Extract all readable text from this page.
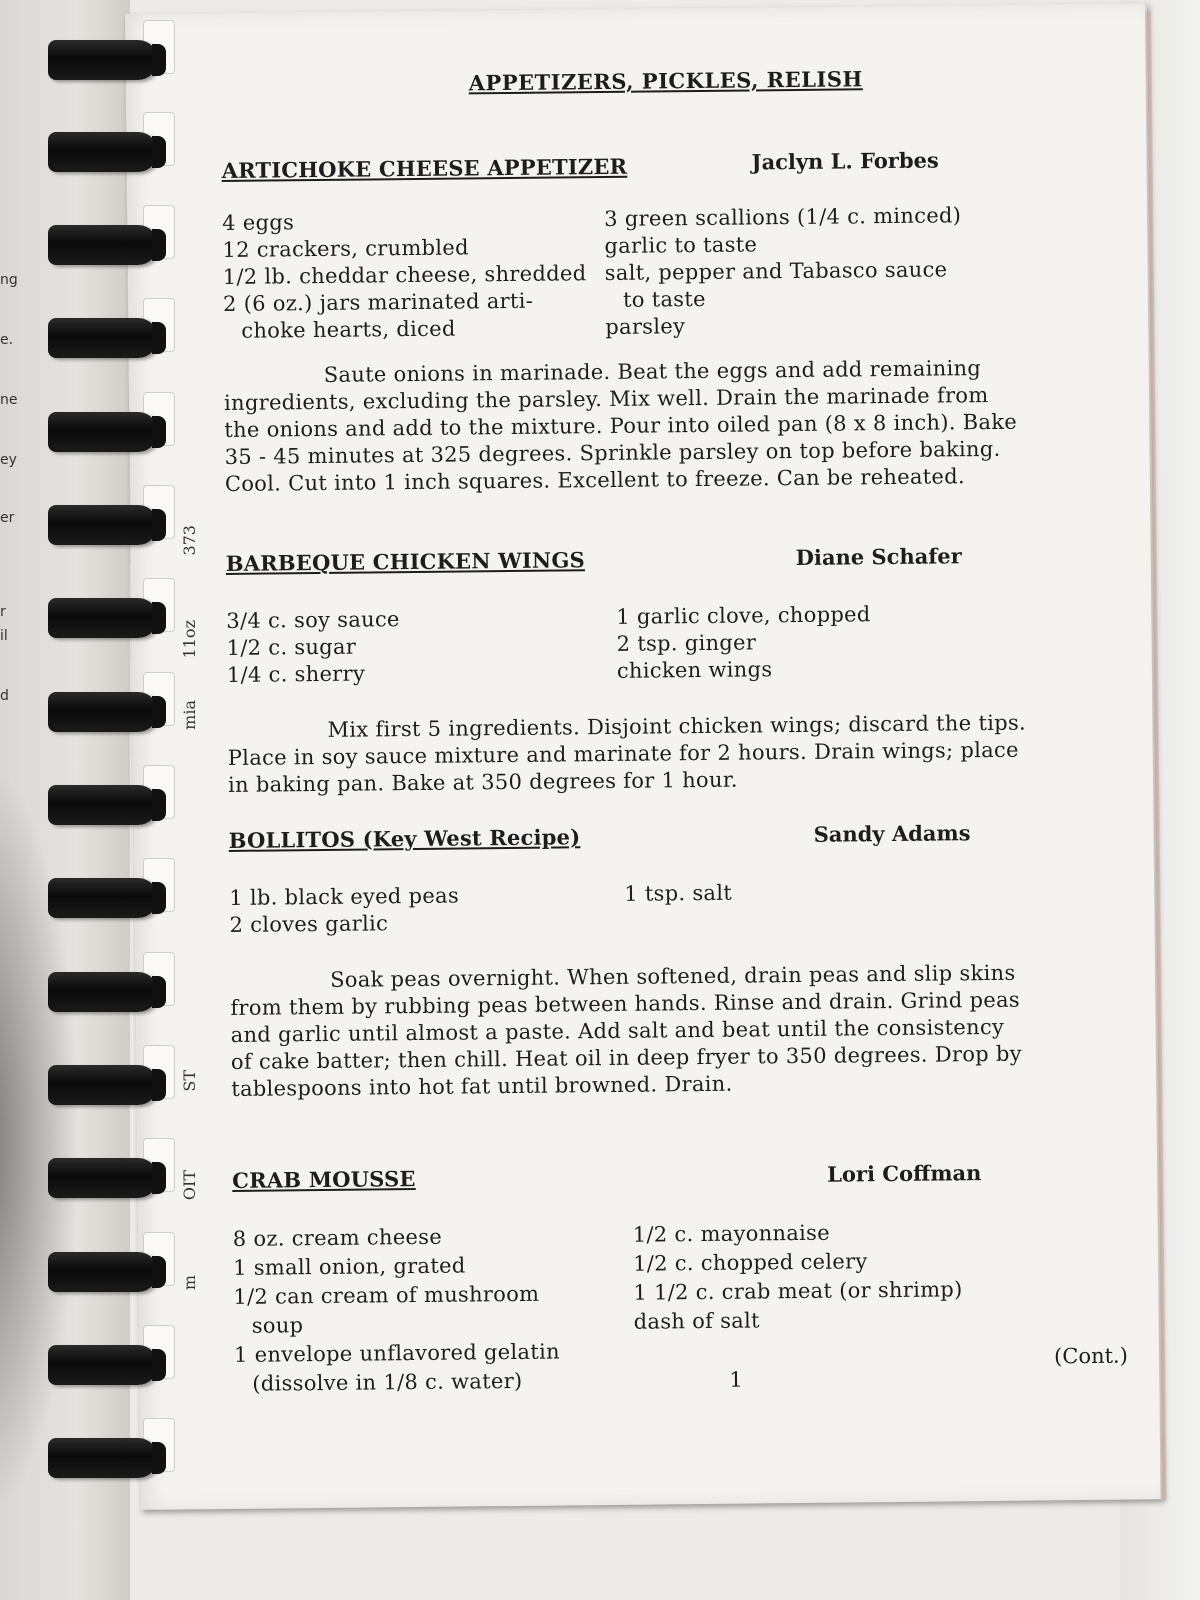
ng
e.
ne
ey
er
r
il
d
APPETIZERS, PICKLES, RELISH
ARTICHOKE CHEESE APPETIZER	Jaclyn L. Forbes
4 eggs
12 crackers, crumbled
1/2 lb. cheddar cheese, shredded
2 (6 oz.) jars marinated arti-
choke hearts, diced
3 green scallions (1/4 c. minced)
garlic to taste
salt, pepper and Tabasco sauce
to taste
parsley
Saute onions in marinade. Beat the eggs and add remaining ingredients, excluding the parsley. Mix well. Drain the marinade from the onions and add to the mixture. Pour into oiled pan (8 x 8 inch). Bake 35 - 45 minutes at 325 degrees. Sprinkle parsley on top before baking. Cool. Cut into 1 inch squares. Excellent to freeze. Can be reheated.
BARBEQUE CHICKEN WINGS	Diane Schafer
3/4 c. soy sauce
1/2 c. sugar
1/4 c. sherry
1 garlic clove, chopped
2 tsp. ginger
chicken wings
Mix first 5 ingredients. Disjoint chicken wings; discard the tips. Place in soy sauce mixture and marinate for 2 hours. Drain wings; place in baking pan. Bake at 350 degrees for 1 hour.
BOLLITOS (Key West Recipe)	Sandy Adams
1 lb. black eyed peas
2 cloves garlic
1 tsp. salt
Soak peas overnight. When softened, drain peas and slip skins from them by rubbing peas between hands. Rinse and drain. Grind peas and garlic until almost a paste. Add salt and beat until the consistency of cake batter; then chill. Heat oil in deep fryer to 350 degrees. Drop by tablespoons into hot fat until browned. Drain.
CRAB MOUSSE	Lori Coffman
8 oz. cream cheese
1 small onion, grated
1/2 can cream of mushroom
soup
1 envelope unflavored gelatin
(dissolve in 1/8 c. water)
1/2 c. mayonnaise
1/2 c. chopped celery
1 1/2 c. crab meat (or shrimp)
dash of salt
(Cont.)
1
373
11oz
mia
ST
OIT
m
